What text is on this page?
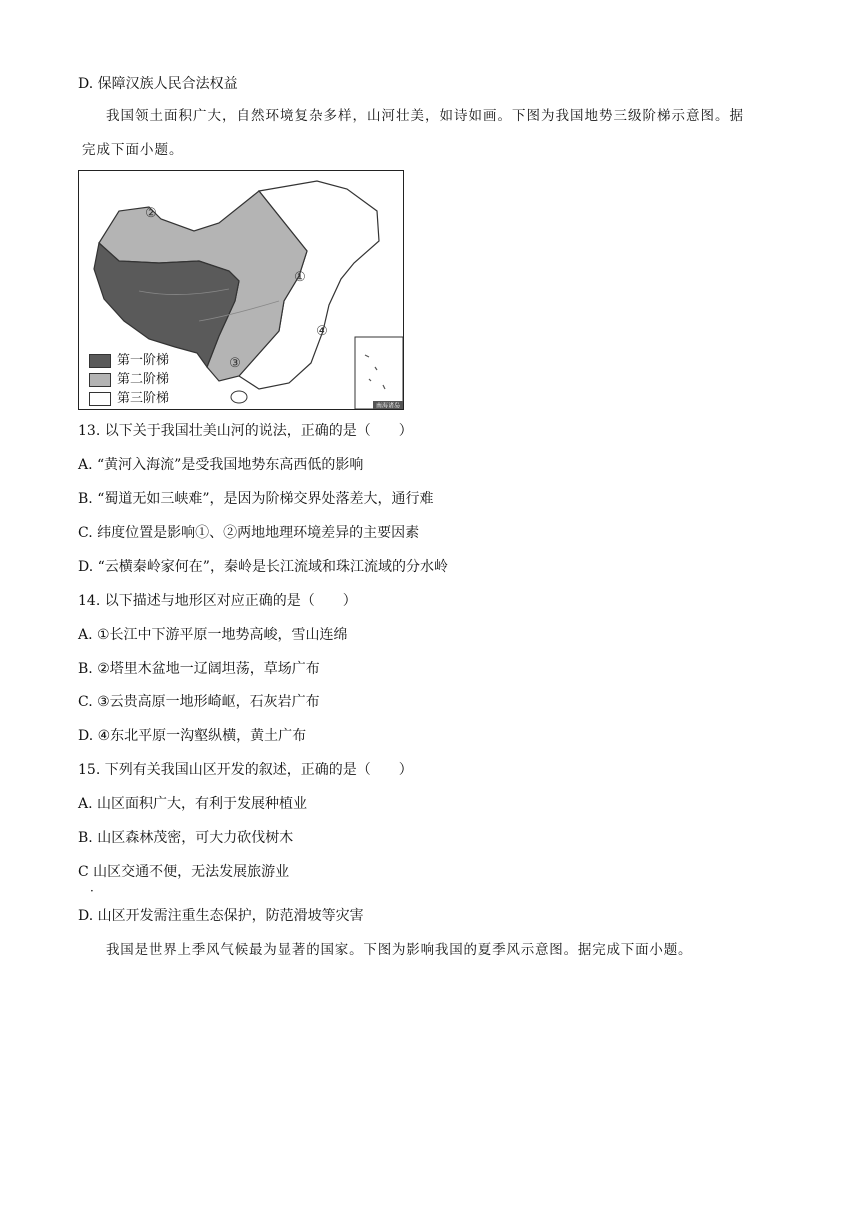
D. 保障汉族人民合法权益
我国领土面积广大，自然环境复杂多样，山河壮美，如诗如画。下图为我国地势三级阶梯示意图。据
完成下面小题。
南海诸岛
②
①
④
③
第一阶梯
第二阶梯
第三阶梯
13. 以下关于我国壮美山河的说法，正确的是（　　）
A. “黄河入海流”是受我国地势东高西低的影响
B. “蜀道无如三峡难”，是因为阶梯交界处落差大，通行难
C. 纬度位置是影响①、②两地地理环境差异的主要因素
D. “云横秦岭家何在”，秦岭是长江流域和珠江流域的分水岭
14. 以下描述与地形区对应正确的是（　　）
A. ①长江中下游平原一地势高峻，雪山连绵
B. ②塔里木盆地一辽阔坦荡，草场广布
C. ③云贵高原一地形崎岖，石灰岩广布
D. ④东北平原一沟壑纵横，黄土广布
15. 下列有关我国山区开发的叙述，正确的是（　　）
A. 山区面积广大，有利于发展种植业
B. 山区森林茂密，可大力砍伐树木
C 山区交通不便，无法发展旅游业
·
D. 山区开发需注重生态保护，防范滑坡等灾害
我国是世界上季风气候最为显著的国家。下图为影响我国的夏季风示意图。据完成下面小题。
